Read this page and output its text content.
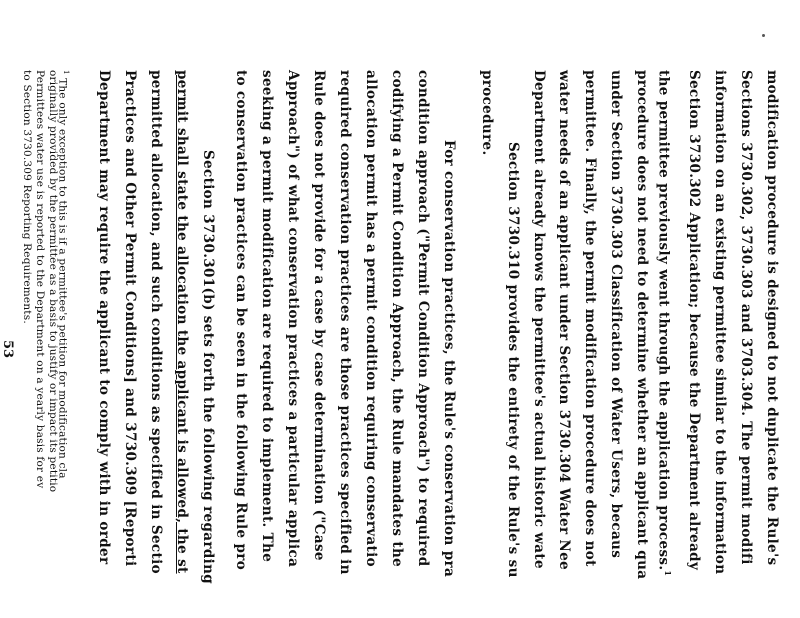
modification procedure is designed to not duplicate the Rule's
Sections 3730.302, 3730.303 and 3703.304. The permit modifi
information on an existing permittee similar to the information
Section 3730.302 Application; because the Department already
the permittee previously went through the application process.$^1$
procedure does not need to determine whether an applicant qua
under Section 3730.303 Classification of Water Users, becaus
permittee. Finally, the permit modification procedure does not
water needs of an applicant under Section 3730.304 Water Nee
Department already knows the permittee's actual historic wate
Section 3730.310 provides the entirety of the Rule's su
procedure.
For conservation practices, the Rule's conservation pra
condition approach ("Permit Condition Approach") to required
codifying a Permit Condition Approach, the Rule mandates the
allocation permit has a permit condition requiring conservatio
required conservation practices are those practices specified in
Rule does not provide for a case by case determination ("Case
Approach") of what conservation practices a particular applica
seeking a permit modification are required to implement. The
to conservation practices can be seen in the following Rule pro
Section 3730.301(b) sets forth the following regarding
permit shall state the allocation the applicant is allowed, the st
permitted allocation, and such conditions as specified in Sectio
Practices and Other Permit Conditions] and 3730.309 [Reporti
Department may require the applicant to comply with in order
$^1$ The only exception to this is if a permittee's petition for modification cla
originally provided by the permittee as a basis to justify or impact its petitio
Permittees water use is reported to the Department on a yearly basis for ev
to Section 3730.309 Reporting Requirements.
53
